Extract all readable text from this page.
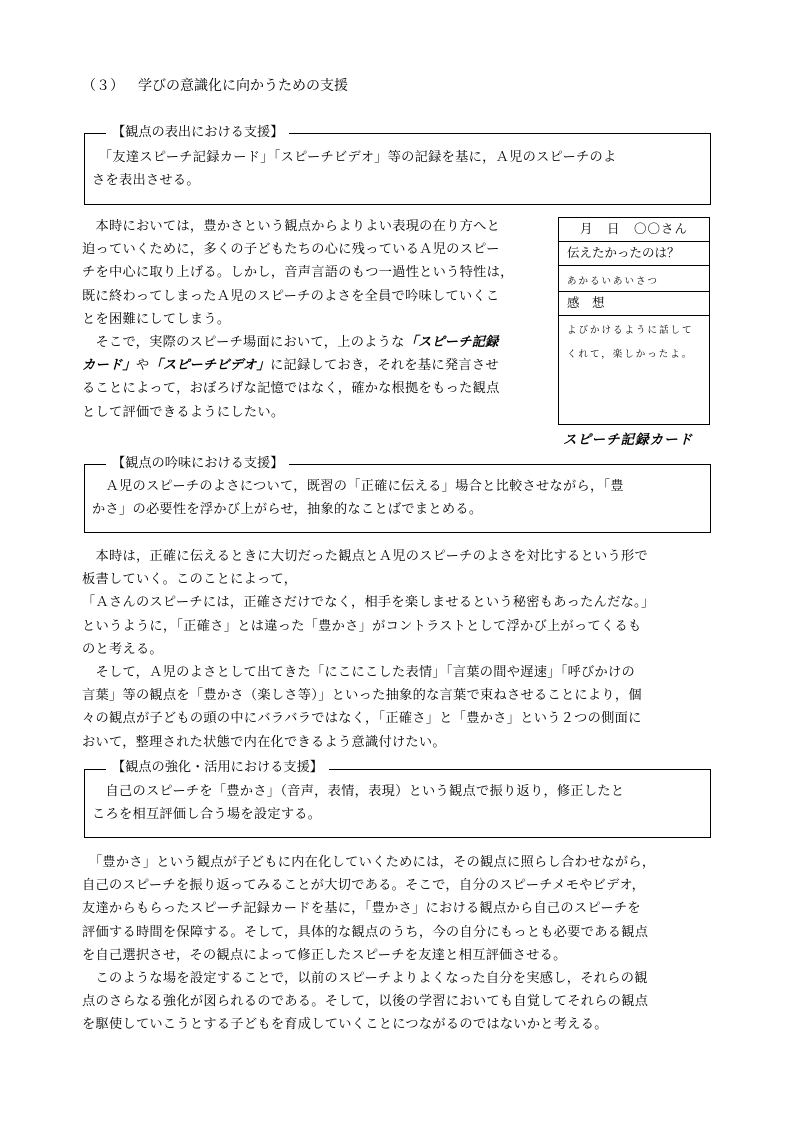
（３） 学びの意識化に向かうための支援
【観点の表出における支援】

　「友達スピーチ記録カード」「スピーチビデオ」等の記録を基に，Ａ児のスピーチのよ

さを表出させる。

　本時においては，豊かさという観点からよりよい表現の在り方へと

迫っていくために，多くの子どもたちの心に残っているＡ児のスピー

チを中心に取り上げる。しかし，音声言語のもつ一過性という特性は，

既に終わってしまったＡ児のスピーチのよさを全員で吟味していくこ

とを困難にしてしまう。

　そこで，実際のスピーチ場面において，上のような「スピーチ記録

カード」や「スピーチビデオ」に記録しておき，それを基に発言させ

ることによって，おぼろげな記憶ではなく，確かな根拠をもった観点

として評価できるようにしたい。

月　日　〇〇さん
伝えたかったのは？
あかるいあいさつ
感　想
よびかけるように話して
くれて，楽しかったよ。
スピーチ記録カード
【観点の吟味における支援】

　Ａ児のスピーチのよさについて，既習の「正確に伝える」場合と比較させながら，「豊

かさ」の必要性を浮かび上がらせ，抽象的なことばでまとめる。

　本時は，正確に伝えるときに大切だった観点とＡ児のスピーチのよさを対比するという形で

板書していく。このことによって，

「Ａさんのスピーチには，正確さだけでなく，相手を楽しませるという秘密もあったんだな。」

というように，「正確さ」とは違った「豊かさ」がコントラストとして浮かび上がってくるも

のと考える。

　そして，Ａ児のよさとして出てきた「にこにこした表情」「言葉の間や遅速」「呼びかけの

言葉」等の観点を「豊かさ（楽しさ等）」といった抽象的な言葉で束ねさせることにより，個

々の観点が子どもの頭の中にバラバラではなく，「正確さ」と「豊かさ」という２つの側面に

おいて，整理された状態で内在化できるよう意識付けたい。

【観点の強化・活用における支援】

　自己のスピーチを「豊かさ」（音声，表情，表現）という観点で振り返り，修正したと

ころを相互評価し合う場を設定する。

　「豊かさ」という観点が子どもに内在化していくためには，その観点に照らし合わせながら，

自己のスピーチを振り返ってみることが大切である。そこで，自分のスピーチメモやビデオ，

友達からもらったスピーチ記録カードを基に，「豊かさ」における観点から自己のスピーチを

評価する時間を保障する。そして，具体的な観点のうち，今の自分にもっとも必要である観点

を自己選択させ，その観点によって修正したスピーチを友達と相互評価させる。

　このような場を設定することで，以前のスピーチよりよくなった自分を実感し，それらの観

点のさらなる強化が図られるのである。そして，以後の学習においても自覚してそれらの観点

を駆使していこうとする子どもを育成していくことにつながるのではないかと考える。
